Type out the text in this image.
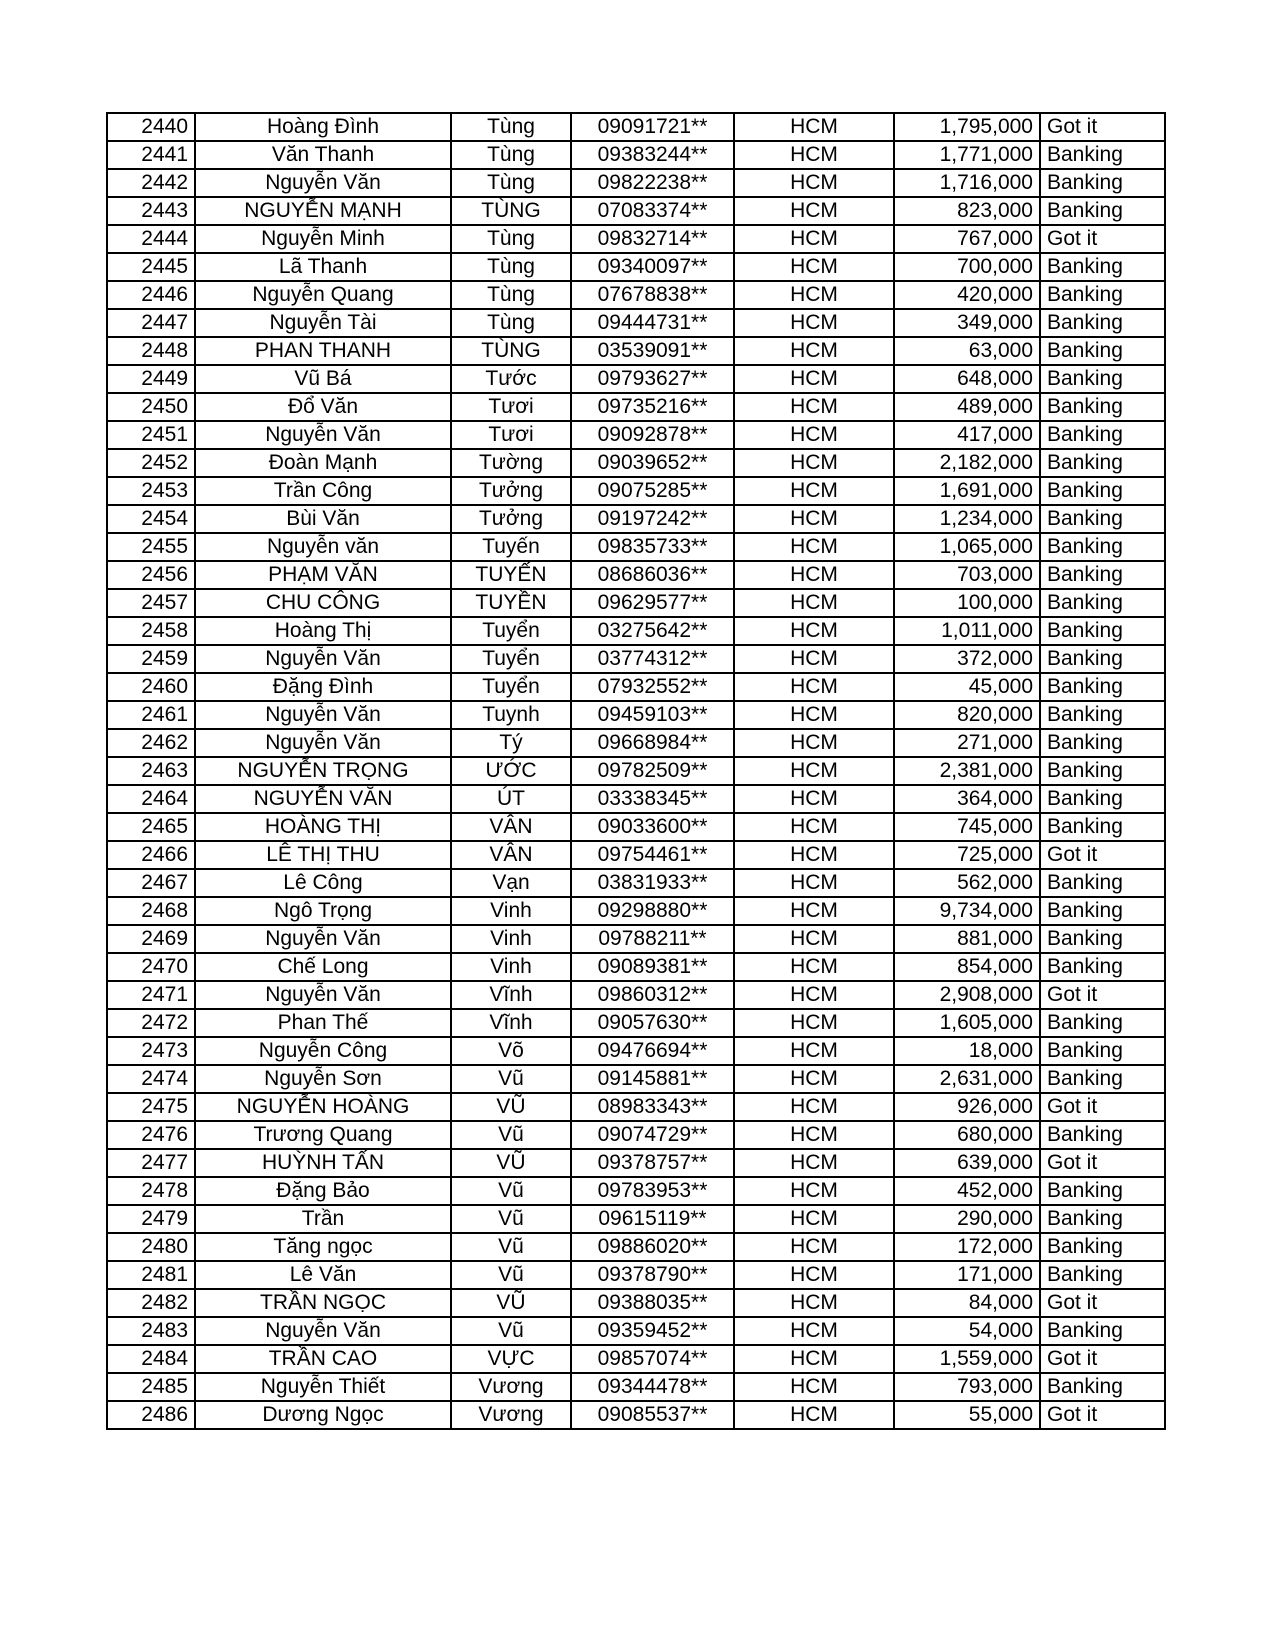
2440	Hoàng Đình	Tùng	09091721**	HCM	1,795,000	Got it
2441	Văn Thanh	Tùng	09383244**	HCM	1,771,000	Banking
2442	Nguyễn Văn	Tùng	09822238**	HCM	1,716,000	Banking
2443	NGUYỄN MẠNH	TÙNG	07083374**	HCM	823,000	Banking
2444	Nguyễn Minh	Tùng	09832714**	HCM	767,000	Got it
2445	Lã Thanh	Tùng	09340097**	HCM	700,000	Banking
2446	Nguyễn Quang	Tùng	07678838**	HCM	420,000	Banking
2447	Nguyễn Tài	Tùng	09444731**	HCM	349,000	Banking
2448	PHAN THANH	TÙNG	03539091**	HCM	63,000	Banking
2449	Vũ Bá	Tước	09793627**	HCM	648,000	Banking
2450	Đổ Văn	Tươi	09735216**	HCM	489,000	Banking
2451	Nguyễn Văn	Tươi	09092878**	HCM	417,000	Banking
2452	Đoàn Mạnh	Tường	09039652**	HCM	2,182,000	Banking
2453	Trần Công	Tưởng	09075285**	HCM	1,691,000	Banking
2454	Bùi Văn	Tưởng	09197242**	HCM	1,234,000	Banking
2455	Nguyễn văn	Tuyến	09835733**	HCM	1,065,000	Banking
2456	PHẠM VĂN	TUYẾN	08686036**	HCM	703,000	Banking
2457	CHU CÔNG	TUYỀN	09629577**	HCM	100,000	Banking
2458	Hoàng Thị	Tuyển	03275642**	HCM	1,011,000	Banking
2459	Nguyễn Văn	Tuyển	03774312**	HCM	372,000	Banking
2460	Đặng Đình	Tuyển	07932552**	HCM	45,000	Banking
2461	Nguyễn Văn	Tuynh	09459103**	HCM	820,000	Banking
2462	Nguyễn Văn	Tý	09668984**	HCM	271,000	Banking
2463	NGUYỄN TRỌNG	ƯỚC	09782509**	HCM	2,381,000	Banking
2464	NGUYỄN VĂN	ÚT	03338345**	HCM	364,000	Banking
2465	HOÀNG THỊ	VÂN	09033600**	HCM	745,000	Banking
2466	LÊ THỊ THU	VÂN	09754461**	HCM	725,000	Got it
2467	Lê Công	Vạn	03831933**	HCM	562,000	Banking
2468	Ngô Trọng	Vinh	09298880**	HCM	9,734,000	Banking
2469	Nguyễn Văn	Vinh	09788211**	HCM	881,000	Banking
2470	Chế Long	Vinh	09089381**	HCM	854,000	Banking
2471	Nguyễn Văn	Vĩnh	09860312**	HCM	2,908,000	Got it
2472	Phan Thế	Vĩnh	09057630**	HCM	1,605,000	Banking
2473	Nguyễn Công	Võ	09476694**	HCM	18,000	Banking
2474	Nguyễn Sơn	Vũ	09145881**	HCM	2,631,000	Banking
2475	NGUYỄN HOÀNG	VŨ	08983343**	HCM	926,000	Got it
2476	Trương Quang	Vũ	09074729**	HCM	680,000	Banking
2477	HUỲNH TẤN	VŨ	09378757**	HCM	639,000	Got it
2478	Đặng Bảo	Vũ	09783953**	HCM	452,000	Banking
2479	Trần	Vũ	09615119**	HCM	290,000	Banking
2480	Tăng ngọc	Vũ	09886020**	HCM	172,000	Banking
2481	Lê Văn	Vũ	09378790**	HCM	171,000	Banking
2482	TRẦN NGỌC	VŨ	09388035**	HCM	84,000	Got it
2483	Nguyễn Văn	Vũ	09359452**	HCM	54,000	Banking
2484	TRẦN CAO	VỰC	09857074**	HCM	1,559,000	Got it
2485	Nguyễn Thiết	Vương	09344478**	HCM	793,000	Banking
2486	Dương Ngọc	Vương	09085537**	HCM	55,000	Got it
